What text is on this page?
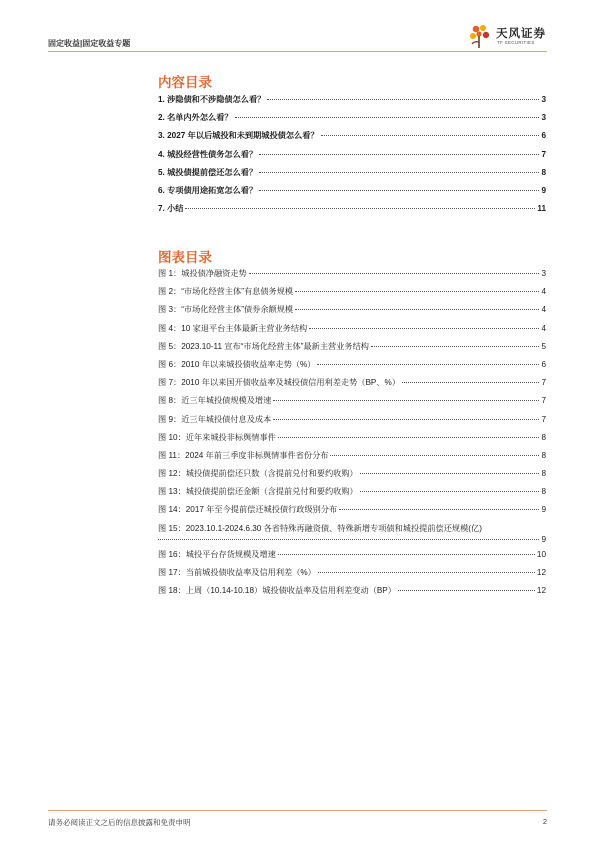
固定收益|固定收益专题
天风证券
TF SECURITIES
内容目录
1. 涉隐债和不涉隐债怎么看？	3
2. 名单内外怎么看？	3
3. 2027 年以后城投和未到期城投债怎么看？	6
4. 城投经营性债务怎么看？	7
5. 城投债提前偿还怎么看？	8
6. 专项债用途拓宽怎么看？	9
7. 小结	11
图表目录
图 1：城投债净融资走势	3
图 2：“市场化经营主体”有息债务规模	4
图 3：“市场化经营主体”债券余额规模	4
图 4：10 家退平台主体最新主营业务结构	4
图 5：2023.10-11 宣布“市场化经营主体”最新主营业务结构	5
图 6：2010 年以来城投债收益率走势（%）	6
图 7：2010 年以来国开债收益率及城投债信用利差走势（BP、%）	7
图 8：近三年城投债规模及增速	7
图 9：近三年城投债付息及成本	7
图 10：近年来城投非标舆情事件	8
图 11：2024 年前三季度非标舆情事件省份分布	8
图 12：城投债提前偿还只数（含提前兑付和要约收购）	8
图 13：城投债提前偿还金额（含提前兑付和要约收购）	8
图 14：2017 年至今提前偿还城投债行政级别分布	9
图 15：2023.10.1-2024.6.30 各省特殊再融资债、特殊新增专项债和城投提前偿还规模(亿)
9
图 16：城投平台存货规模及增速	10
图 17：当前城投债收益率及信用利差（%）	12
图 18：上周（10.14-10.18）城投债收益率及信用利差变动（BP）	12
请务必阅读正文之后的信息披露和免责申明	2
